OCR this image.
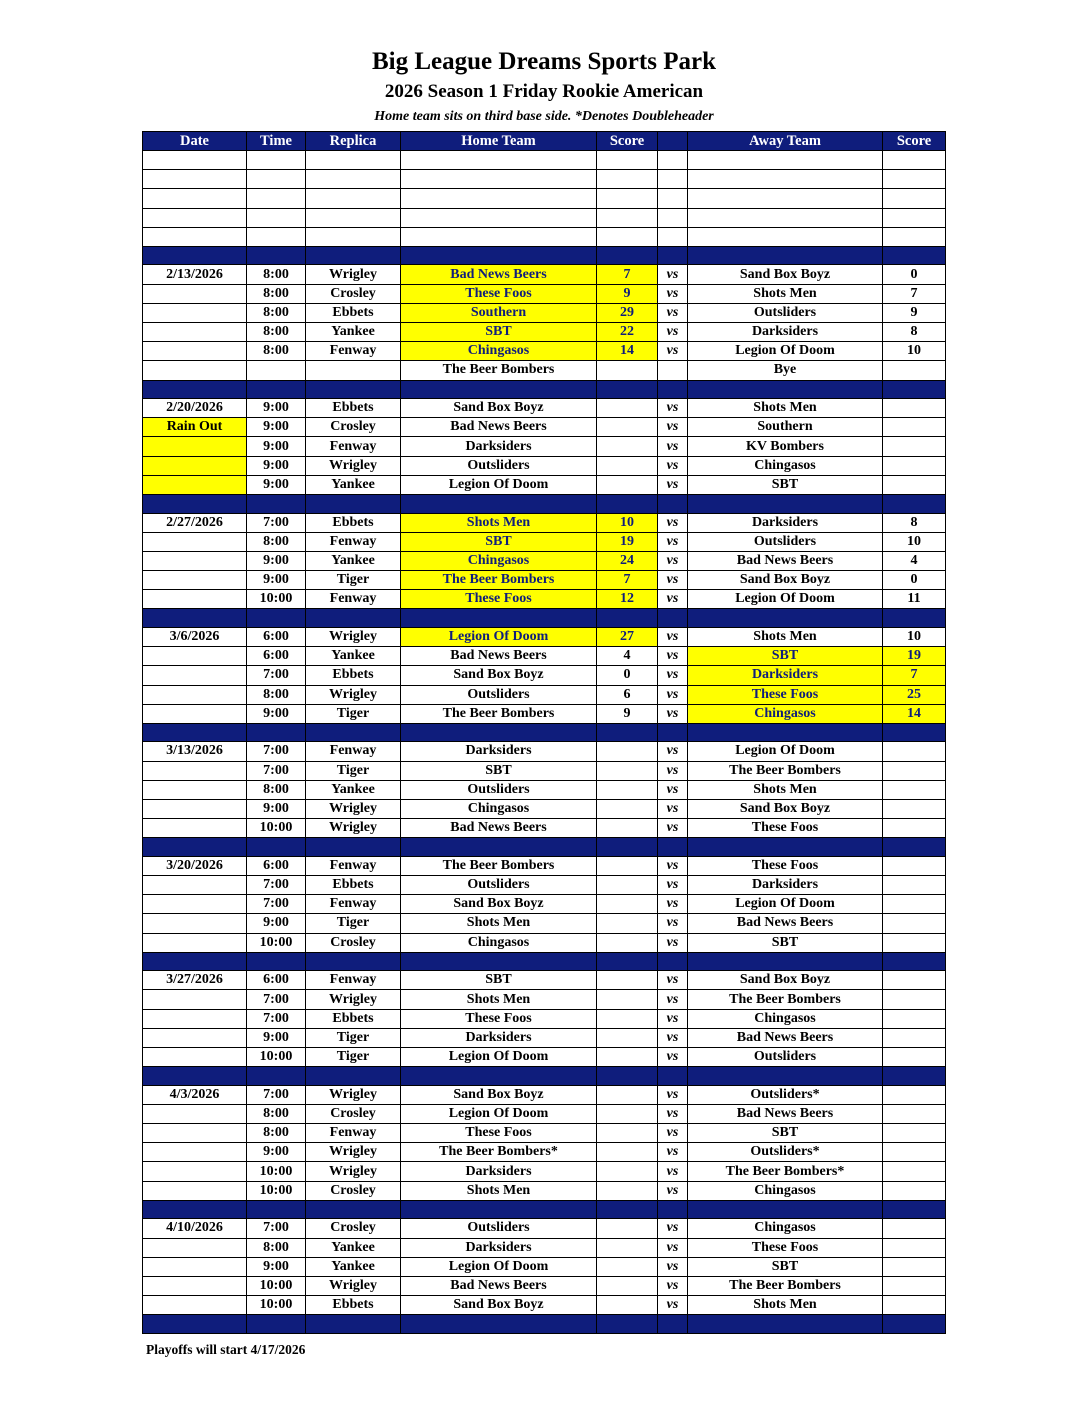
Big League Dreams Sports Park
2026 Season 1 Friday Rookie American
Home team sits on third base side. *Denotes Doubleheader
Date	Time	Replica	Home Team	Score		Away Team	Score

2/13/2026	8:00	Wrigley	Bad News Beers	7	vs	Sand Box Boyz	0
	8:00	Crosley	These Foos	9	vs	Shots Men	7
	8:00	Ebbets	Southern	29	vs	Outsliders	9
	8:00	Yankee	SBT	22	vs	Darksiders	8
	8:00	Fenway	Chingasos	14	vs	Legion Of Doom	10
			The Beer Bombers			Bye	

2/20/2026	9:00	Ebbets	Sand Box Boyz		vs	Shots Men	
Rain Out	9:00	Crosley	Bad News Beers		vs	Southern	
	9:00	Fenway	Darksiders		vs	KV Bombers	
	9:00	Wrigley	Outsliders		vs	Chingasos	
	9:00	Yankee	Legion Of Doom		vs	SBT	

2/27/2026	7:00	Ebbets	Shots Men	10	vs	Darksiders	8
	8:00	Fenway	SBT	19	vs	Outsliders	10
	9:00	Yankee	Chingasos	24	vs	Bad News Beers	4
	9:00	Tiger	The Beer Bombers	7	vs	Sand Box Boyz	0
	10:00	Fenway	These Foos	12	vs	Legion Of Doom	11

3/6/2026	6:00	Wrigley	Legion Of Doom	27	vs	Shots Men	10
	6:00	Yankee	Bad News Beers	4	vs	SBT	19
	7:00	Ebbets	Sand Box Boyz	0	vs	Darksiders	7
	8:00	Wrigley	Outsliders	6	vs	These Foos	25
	9:00	Tiger	The Beer Bombers	9	vs	Chingasos	14

3/13/2026	7:00	Fenway	Darksiders		vs	Legion Of Doom	
	7:00	Tiger	SBT		vs	The Beer Bombers	
	8:00	Yankee	Outsliders		vs	Shots Men	
	9:00	Wrigley	Chingasos		vs	Sand Box Boyz	
	10:00	Wrigley	Bad News Beers		vs	These Foos	

3/20/2026	6:00	Fenway	The Beer Bombers		vs	These Foos	
	7:00	Ebbets	Outsliders		vs	Darksiders	
	7:00	Fenway	Sand Box Boyz		vs	Legion Of Doom	
	9:00	Tiger	Shots Men		vs	Bad News Beers	
	10:00	Crosley	Chingasos		vs	SBT	

3/27/2026	6:00	Fenway	SBT		vs	Sand Box Boyz	
	7:00	Wrigley	Shots Men		vs	The Beer Bombers	
	7:00	Ebbets	These Foos		vs	Chingasos	
	9:00	Tiger	Darksiders		vs	Bad News Beers	
	10:00	Tiger	Legion Of Doom		vs	Outsliders	

4/3/2026	7:00	Wrigley	Sand Box Boyz		vs	Outsliders*	
	8:00	Crosley	Legion Of Doom		vs	Bad News Beers	
	8:00	Fenway	These Foos		vs	SBT	
	9:00	Wrigley	The Beer Bombers*		vs	Outsliders*	
	10:00	Wrigley	Darksiders		vs	The Beer Bombers*	
	10:00	Crosley	Shots Men		vs	Chingasos	

4/10/2026	7:00	Crosley	Outsliders		vs	Chingasos	
	8:00	Yankee	Darksiders		vs	These Foos	
	9:00	Yankee	Legion Of Doom		vs	SBT	
	10:00	Wrigley	Bad News Beers		vs	The Beer Bombers	
	10:00	Ebbets	Sand Box Boyz		vs	Shots Men	

Playoffs will start 4/17/2026
